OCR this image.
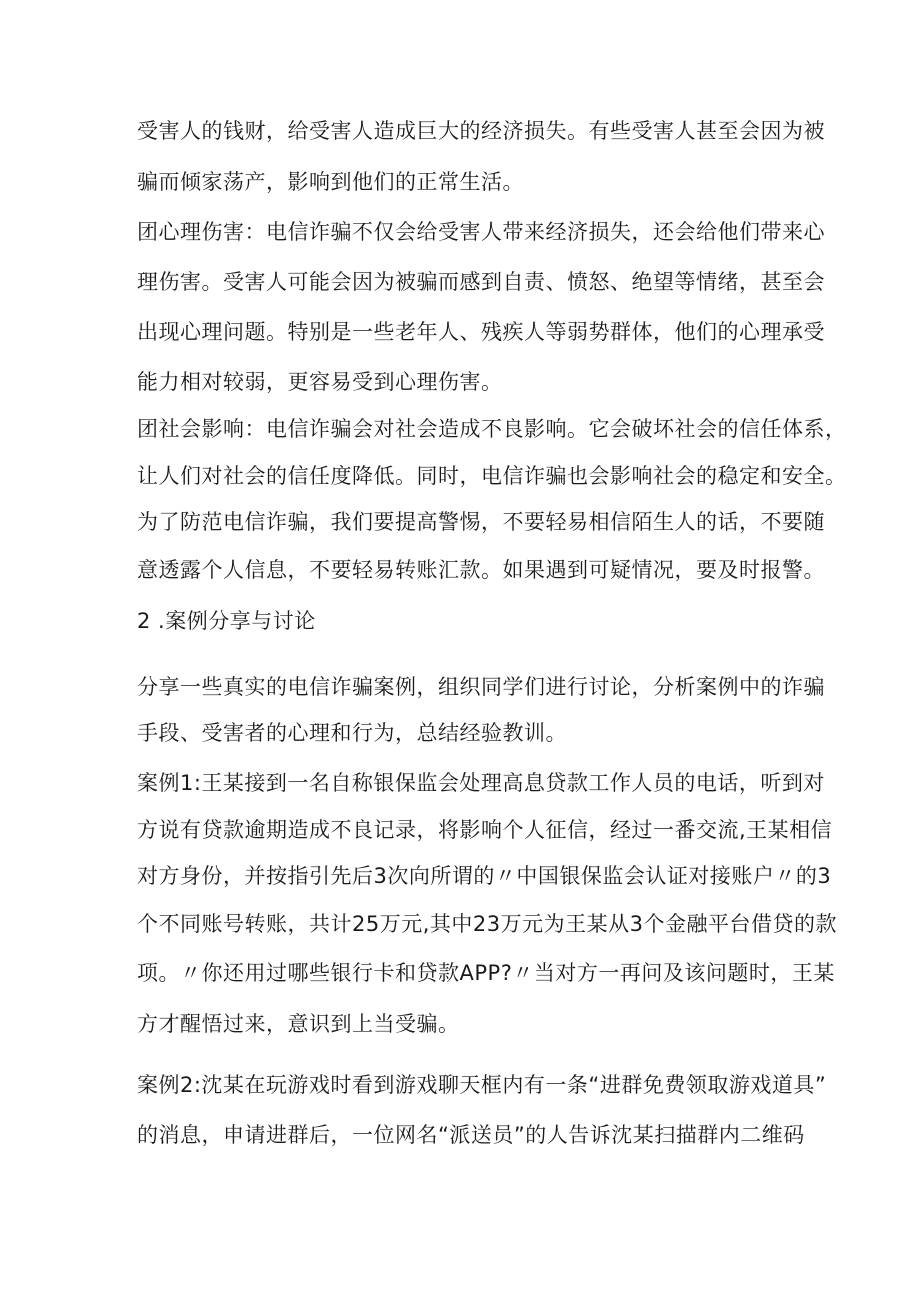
受害人的钱财，给受害人造成巨大的经济损失。有些受害人甚至会因为被
骗而倾家荡产，影响到他们的正常生活。
团心理伤害：电信诈骗不仅会给受害人带来经济损失，还会给他们带来心
理伤害。受害人可能会因为被骗而感到自责、愤怒、绝望等情绪，甚至会
出现心理问题。特别是一些老年人、残疾人等弱势群体，他们的心理承受
能力相对较弱，更容易受到心理伤害。
团社会影响：电信诈骗会对社会造成不良影响。它会破坏社会的信任体系，
让人们对社会的信任度降低。同时，电信诈骗也会影响社会的稳定和安全。
为了防范电信诈骗，我们要提高警惕，不要轻易相信陌生人的话，不要随
意透露个人信息，不要轻易转账汇款。如果遇到可疑情况，要及时报警。
2 .案例分享与讨论
分享一些真实的电信诈骗案例，组织同学们进行讨论，分析案例中的诈骗
手段、受害者的心理和行为，总结经验教训。
案例1:王某接到一名自称银保监会处理高息贷款工作人员的电话，听到对
方说有贷款逾期造成不良记录，将影响个人征信，经过一番交流,王某相信
对方身份，并按指引先后3次向所谓的〃中国银保监会认证对接账户〃的3
个不同账号转账，共计25万元,其中23万元为王某从3个金融平台借贷的款
项。〃你还用过哪些银行卡和贷款APP?〃当对方一再问及该问题时，王某
方才醒悟过来，意识到上当受骗。
案例2:沈某在玩游戏时看到游戏聊天框内有一条“进群免费领取游戏道具”
的消息，申请进群后，一位网名“派送员”的人告诉沈某扫描群内二维码
